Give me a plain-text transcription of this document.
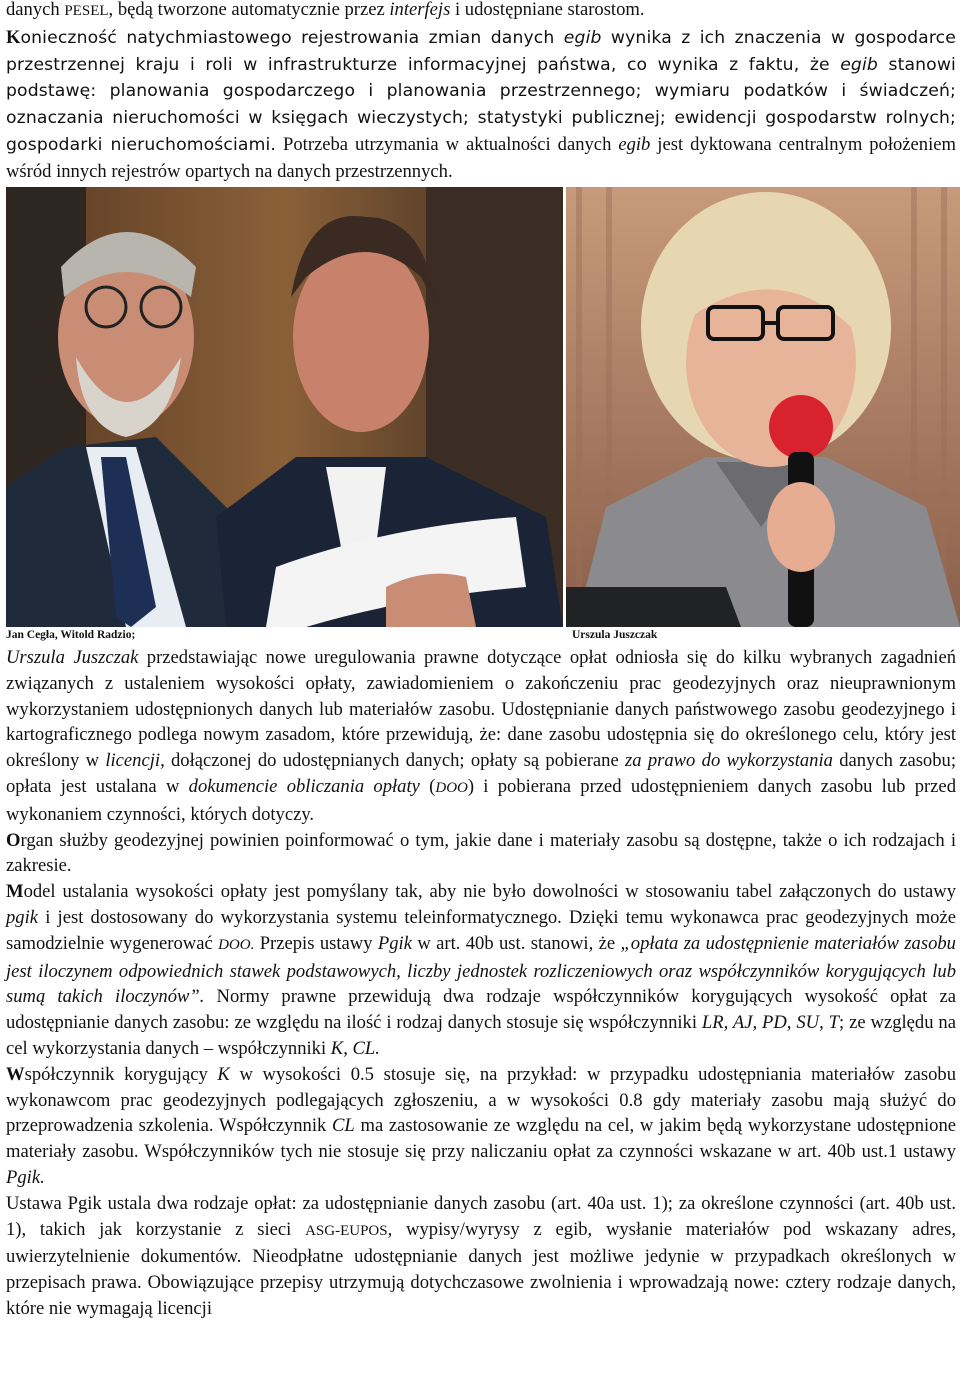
danych PESEL, będą tworzone automatycznie przez interfejs i udostępniane starostom.

Konieczność natychmiastowego rejestrowania zmian danych egib wynika z ich znaczenia w gospodarce przestrzennej kraju i roli w infrastrukturze informacyjnej państwa, co wynika z faktu, że egib stanowi podstawę: planowania gospodarczego i planowania przestrzennego; wymiaru podatków i świadczeń; oznaczania nieruchomości w księgach wieczystych; statystyki publicznej; ewidencji gospodarstw rolnych; gospodarki nieruchomościami. Potrzeba utrzymania w aktualności danych egib jest dyktowana centralnym położeniem wśród innych rejestrów opartych na danych przestrzennych.

Jan Cegła, Witold Radzio;	Urszula Juszczak

Urszula Juszczak przedstawiając nowe uregulowania prawne dotyczące opłat odniosła się do kilku wybranych zagadnień związanych z ustaleniem wysokości opłaty, zawiadomieniem o zakończeniu prac geodezyjnych oraz nieuprawnionym wykorzystaniem udostępnionych danych lub materiałów zasobu. Udostępnianie danych państwowego zasobu geodezyjnego i kartograficznego podlega nowym zasadom, które przewidują, że: dane zasobu udostępnia się do określonego celu, który jest określony w licencji, dołączonej do udostępnianych danych; opłaty są pobierane za prawo do wykorzystania danych zasobu; opłata jest ustalana w dokumencie obliczania opłaty (DOO) i pobierana przed udostępnieniem danych zasobu lub przed wykonaniem czynności, których dotyczy.

Organ służby geodezyjnej powinien poinformować o tym, jakie dane i materiały zasobu są dostępne, także o ich rodzajach i zakresie.

Model ustalania wysokości opłaty jest pomyślany tak, aby nie było dowolności w stosowaniu tabel załączonych do ustawy pgik i jest dostosowany do wykorzystania systemu teleinformatycznego. Dzięki temu wykonawca prac geodezyjnych może samodzielnie wygenerować DOO. Przepis ustawy Pgik w art. 40b ust. stanowi, że „opłata za udostępnienie materiałów zasobu jest iloczynem odpowiednich stawek podstawowych, liczby jednostek rozliczeniowych oraz współczynników korygujących lub sumą takich iloczynów”. Normy prawne przewidują dwa rodzaje współczynników korygujących wysokość opłat za udostępnianie danych zasobu: ze względu na ilość i rodzaj danych stosuje się współczynniki LR, AJ, PD, SU, T; ze względu na cel wykorzystania danych – współczynniki K, CL.

Współczynnik korygujący K w wysokości 0.5 stosuje się, na przykład: w przypadku udostępniania materiałów zasobu wykonawcom prac geodezyjnych podlegających zgłoszeniu, a w wysokości 0.8 gdy materiały zasobu mają służyć do przeprowadzenia szkolenia. Współczynnik CL ma zastosowanie ze względu na cel, w jakim będą wykorzystane udostępnione materiały zasobu. Współczynników tych nie stosuje się przy naliczaniu opłat za czynności wskazane w art. 40b ust.1 ustawy Pgik.

Ustawa Pgik ustala dwa rodzaje opłat: za udostępnianie danych zasobu (art. 40a ust. 1); za określone czynności (art. 40b ust. 1), takich jak korzystanie z sieci ASG-EUPOS, wypisy/wyrysy z egib, wysłanie materiałów pod wskazany adres, uwierzytelnienie dokumentów. Nieodpłatne udostępnianie danych jest możliwe jedynie w przypadkach określonych w przepisach prawa. Obowiązujące przepisy utrzymują dotychczasowe zwolnienia i wprowadzają nowe: cztery rodzaje danych, które nie wymagają licencji
